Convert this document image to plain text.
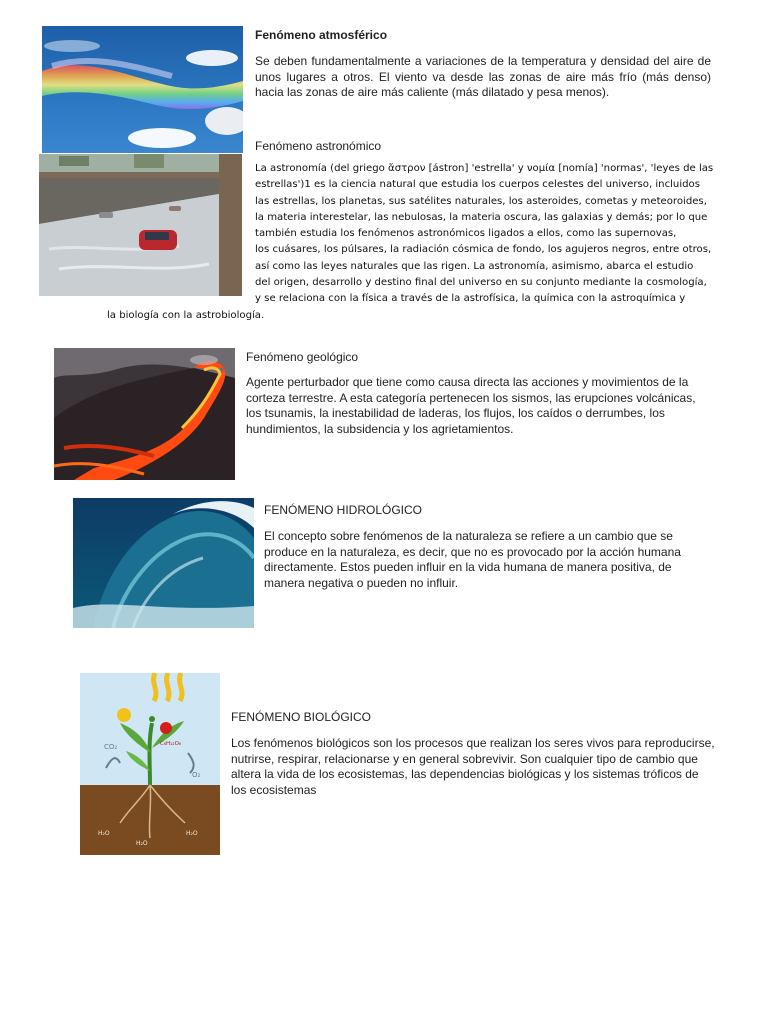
CO₂	C₆H₁₂O₆
O₂
H₂O
H₂O
H₂O

Fenómeno atmosférico

Se deben fundamentalmente a variaciones de la temperatura y densidad del aire de unos lugares a otros. El viento va desde las zonas de aire más frío (más denso) hacia las zonas de aire más caliente (más dilatado y pesa menos).

Fenómeno astronómico

La astronomía (del griego ἄστρον [ástron] 'estrella' y νομία [nomía] 'normas', 'leyes de las
estrellas')1 es la ciencia natural que estudia los cuerpos celestes del universo, incluidos
las estrellas, los planetas, sus satélites naturales, los asteroides, cometas y meteoroides,
la materia interestelar, las nebulosas, la materia oscura, las galaxias y demás; por lo que
también estudia los fenómenos astronómicos ligados a ellos, como las supernovas,
los cuásares, los púlsares, la radiación cósmica de fondo, los agujeros negros, entre otros,
así como las leyes naturales que las rigen. La astronomía, asimismo, abarca el estudio
del origen, desarrollo y destino final del universo en su conjunto mediante la cosmología,
y se relaciona con la física a través de la astrofísica, la química con la astroquímica y
la biología con la astrobiología.

Fenómeno geológico

Agente perturbador que tiene como causa directa las acciones y movimientos de la corteza terrestre. A esta categoría pertenecen los sismos, las erupciones volcánicas, los tsunamis, la inestabilidad de laderas, los flujos, los caídos o derrumbes, los hundimientos, la subsidencia y los agrietamientos.

FENÓMENO HIDROLÓGICO

El concepto sobre fenómenos de la naturaleza se refiere a un cambio que se produce en la naturaleza, es decir, que no es provocado por la acción humana directamente. Estos pueden influir en la vida humana de manera positiva, de manera negativa o pueden no influir.

FENÓMENO BIOLÓGICO

Los fenómenos biológicos son los procesos que realizan los seres vivos para reproducirse, nutrirse, respirar, relacionarse y en general sobrevivir. Son cualquier tipo de cambio que altera la vida de los ecosistemas, las dependencias biológicas y los sistemas tróficos de los ecosistemas
